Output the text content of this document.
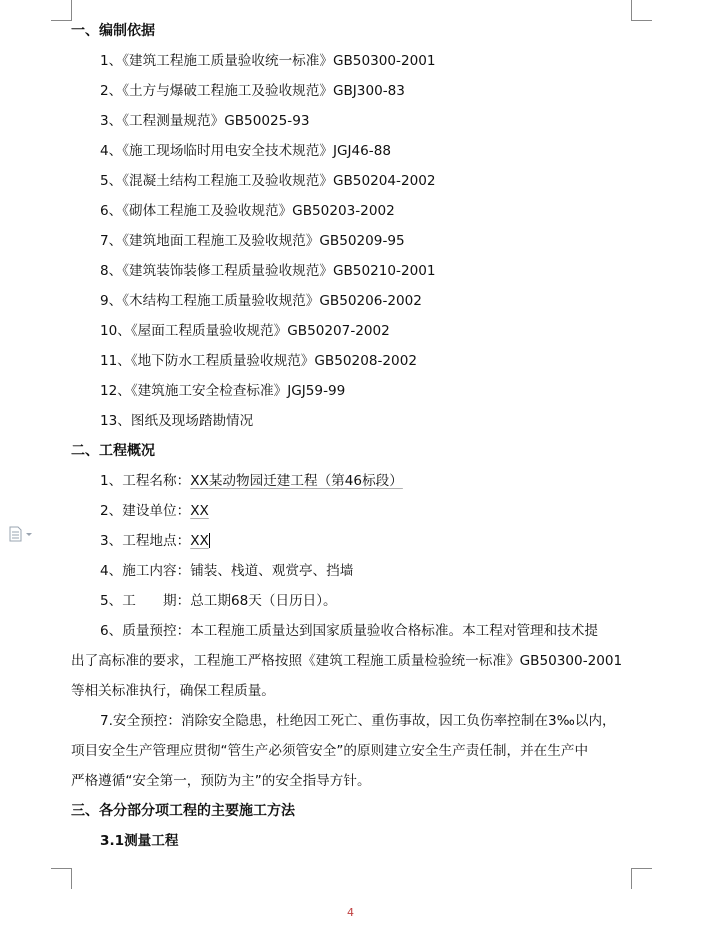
一、编制依据
1、《建筑工程施工质量验收统一标准》GB50300-2001
2、《土方与爆破工程施工及验收规范》GBJ300-83
3、《工程测量规范》GB50025-93
4、《施工现场临时用电安全技术规范》JGJ46-88
5、《混凝土结构工程施工及验收规范》GB50204-2002
6、《砌体工程施工及验收规范》GB50203-2002
7、《建筑地面工程施工及验收规范》GB50209-95
8、《建筑装饰装修工程质量验收规范》GB50210-2001
9、《木结构工程施工质量验收规范》GB50206-2002
10、《屋面工程质量验收规范》GB50207-2002
11、《地下防水工程质量验收规范》GB50208-2002
12、《建筑施工安全检查标准》JGJ59-99
13、图纸及现场踏勘情况
二、工程概况
1、工程名称：XX某动物园迁建工程（第46标段）
2、建设单位：XX
3、工程地点：XX
4、施工内容：铺装、栈道、观赏亭、挡墙
5、工　　期：总工期68天（日历日）。
6、质量预控：本工程施工质量达到国家质量验收合格标准。本工程对管理和技术提
出了高标准的要求，工程施工严格按照《建筑工程施工质量检验统一标准》GB50300-2001
等相关标准执行，确保工程质量。
7.安全预控：消除安全隐患，杜绝因工死亡、重伤事故，因工负伤率控制在3‰以内，
项目安全生产管理应贯彻“管生产必须管安全”的原则建立安全生产责任制，并在生产中
严格遵循“安全第一，预防为主”的安全指导方针。
三、各分部分项工程的主要施工方法
3.1测量工程
4
